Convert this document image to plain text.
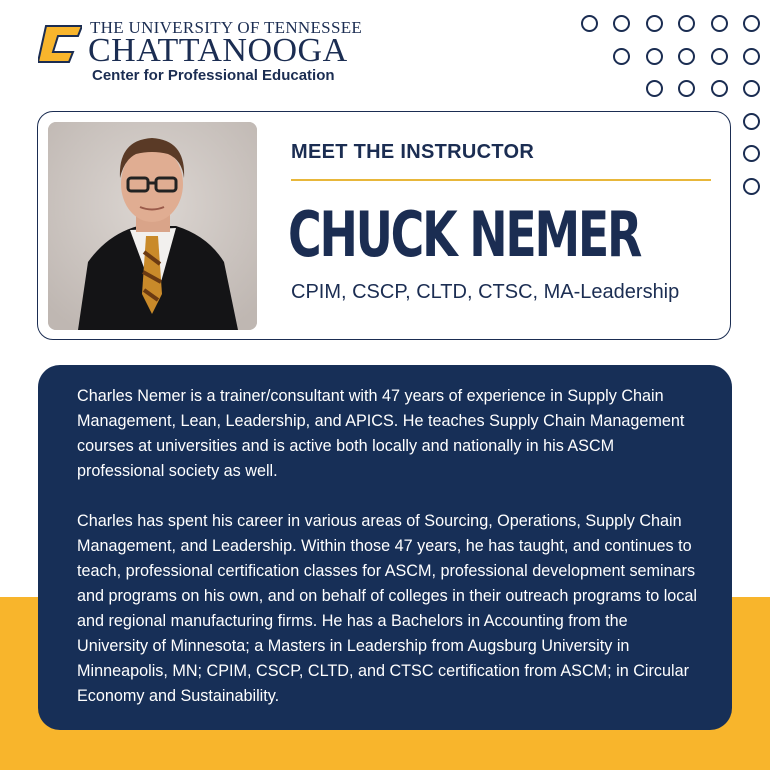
THE UNIVERSITY OF TENNESSEE
CHATTANOOGA
Center for Professional Education
MEET THE INSTRUCTOR
CHUCK NEMER
CPIM, CSCP, CLTD, CTSC, MA-Leadership

Charles Nemer is a trainer/consultant with 47 years of experience in Supply Chain Management, Lean, Leadership, and APICS. He teaches Supply Chain Management courses at universities and is active both locally and nationally in his ASCM professional society as well.

Charles has spent his career in various areas of Sourcing, Operations, Supply Chain Management, and Leadership. Within those 47 years, he has taught, and continues to teach, professional certification classes for ASCM, professional development seminars and programs on his own, and on behalf of colleges in their outreach programs to local and regional manufacturing firms. He has a Bachelors in Accounting from the University of Minnesota; a Masters in Leadership from Augsburg University in Minneapolis, MN; CPIM, CSCP, CLTD, and CTSC certification from ASCM; in Circular Economy and Sustainability.
